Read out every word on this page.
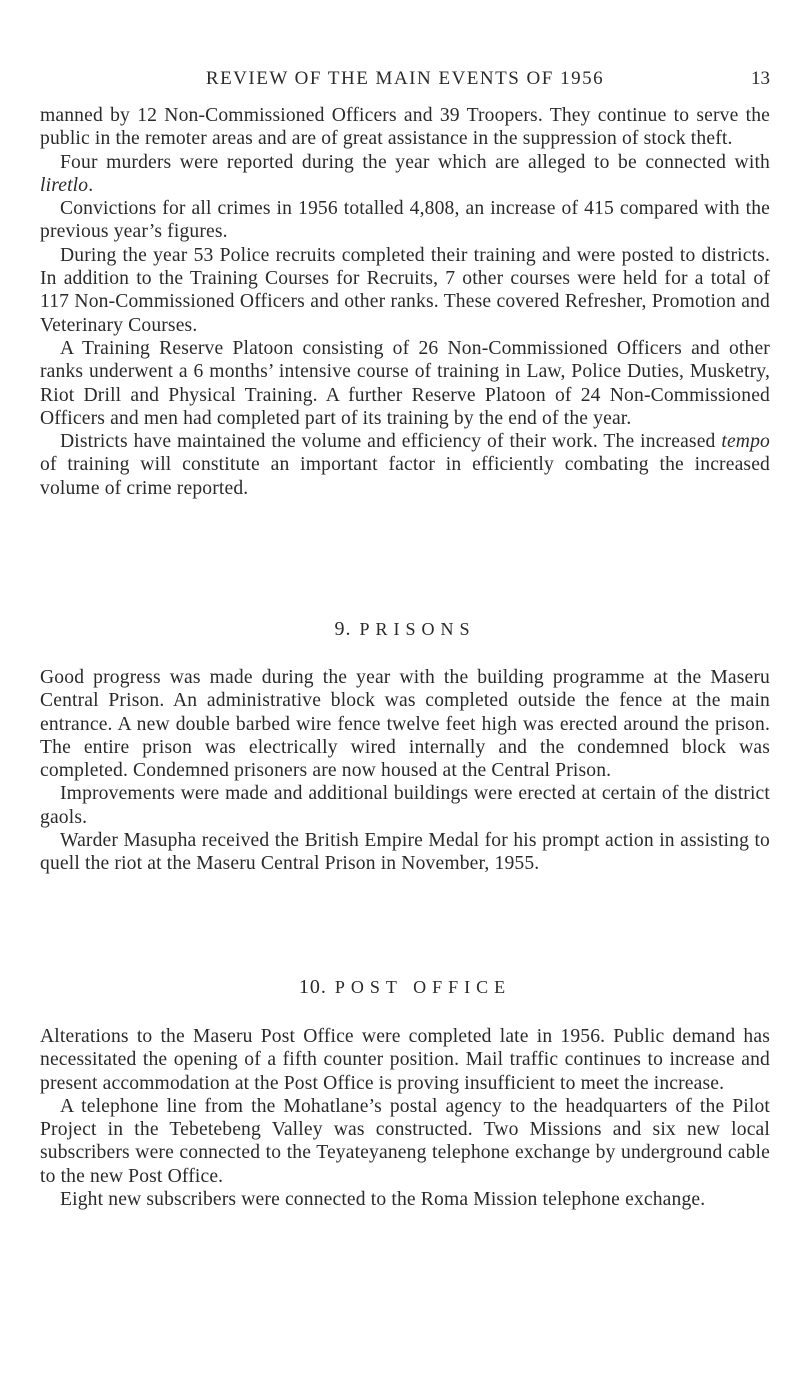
REVIEW OF THE MAIN EVENTS OF 1956	13

manned by 12 Non-Commissioned Officers and 39 Troopers. They continue to serve the public in the remoter areas and are of great assistance in the suppression of stock theft.

Four murders were reported during the year which are alleged to be connected with liretlo.

Convictions for all crimes in 1956 totalled 4,808, an increase of 415 compared with the previous year’s figures.

During the year 53 Police recruits completed their training and were posted to districts. In addition to the Training Courses for Recruits, 7 other courses were held for a total of 117 Non-Commissioned Officers and other ranks. These covered Refresher, Promotion and Veterinary Courses.

A Training Reserve Platoon consisting of 26 Non-Commissioned Officers and other ranks underwent a 6 months’ intensive course of training in Law, Police Duties, Musketry, Riot Drill and Physical Training. A further Reserve Platoon of 24 Non-Commissioned Officers and men had completed part of its training by the end of the year.

Districts have maintained the volume and efficiency of their work. The increased tempo of training will constitute an important factor in efficiently combating the increased volume of crime reported.

9. PRISONS

Good progress was made during the year with the building programme at the Maseru Central Prison. An administrative block was completed outside the fence at the main entrance. A new double barbed wire fence twelve feet high was erected around the prison. The entire prison was electrically wired internally and the condemned block was completed. Condemned prisoners are now housed at the Central Prison.

Improvements were made and additional buildings were erected at certain of the district gaols.

Warder Masupha received the British Empire Medal for his prompt action in assisting to quell the riot at the Maseru Central Prison in November, 1955.

10. POST OFFICE

Alterations to the Maseru Post Office were completed late in 1956. Public demand has necessitated the opening of a fifth counter position. Mail traffic continues to increase and present accommodation at the Post Office is proving insufficient to meet the increase.

A telephone line from the Mohatlane’s postal agency to the headquarters of the Pilot Project in the Tebetebeng Valley was constructed. Two Missions and six new local subscribers were connected to the Teyateyaneng telephone exchange by underground cable to the new Post Office.

Eight new subscribers were connected to the Roma Mission telephone exchange.
